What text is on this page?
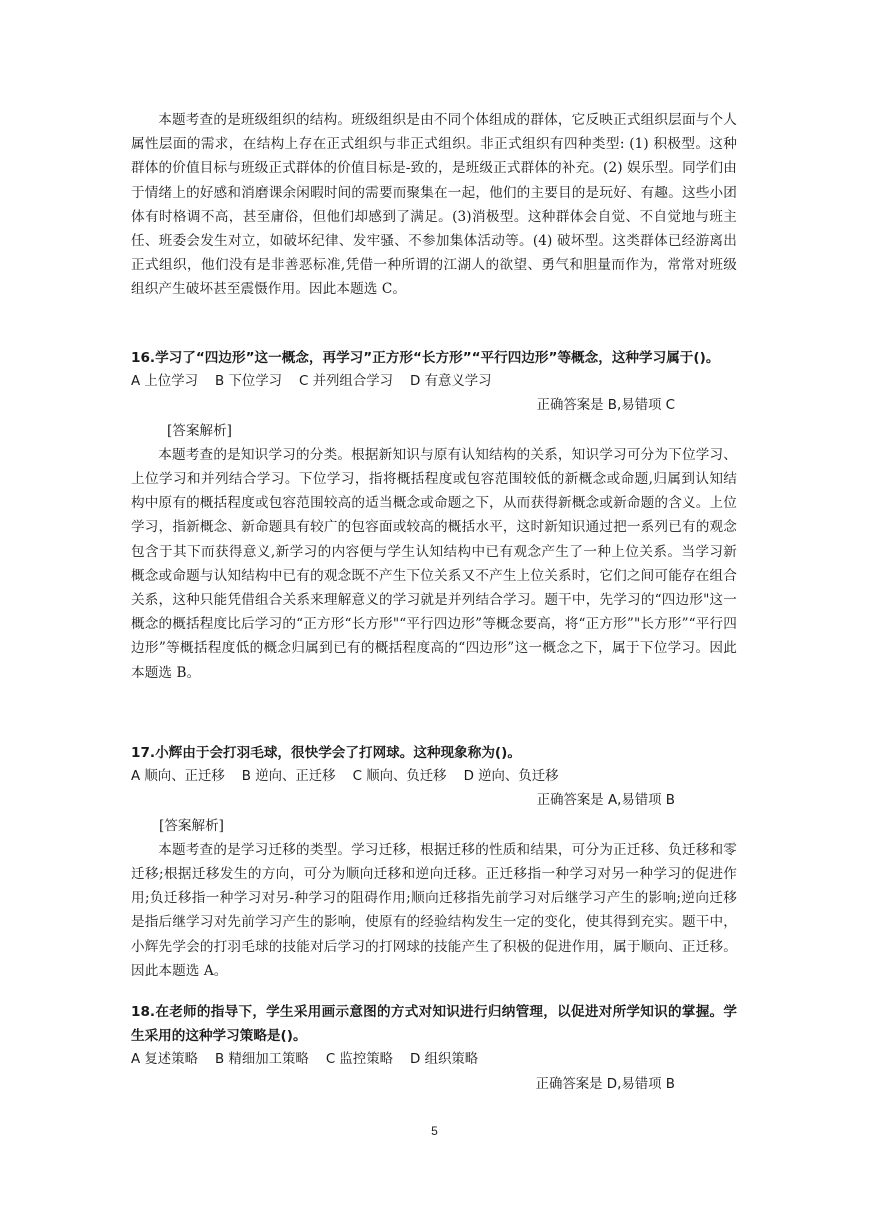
本题考查的是班级组织的结构。班级组织是由不同个体组成的群体，它反映正式组织层面与个人属性层面的需求，在结构上存在正式组织与非正式组织。非正式组织有四种类型: (1) 积极型。这种群体的价值目标与班级正式群体的价值目标是-致的，是班级正式群体的补充。(2) 娱乐型。同学们由于情绪上的好感和消磨课余闲暇时间的需要而聚集在一起，他们的主要目的是玩好、有趣。这些小团体有时格调不高，甚至庸俗，但他们却感到了满足。(3)消极型。这种群体会自觉、不自觉地与班主任、班委会发生对立，如破坏纪律、发牢骚、不参加集体活动等。(4) 破坏型。这类群体已经游离出正式组织，他们没有是非善恶标准,凭借一种所谓的江湖人的欲望、勇气和胆量而作为，常常对班级组织产生破坏甚至震慑作用。因此本题选 C。

16.学习了“四边形”这一概念，再学习”正方形“长方形”“平行四边形”等概念，这种学习属于()。

A 上位学习    B 下位学习    C 并列组合学习    D 有意义学习

正确答案是 B,易错项 C

[答案解析]

本题考查的是知识学习的分类。根据新知识与原有认知结构的关系，知识学习可分为下位学习、上位学习和并列结合学习。下位学习，指将概括程度或包容范围较低的新概念或命题,归属到认知结构中原有的概括程度或包容范围较高的适当概念或命题之下，从而获得新概念或新命题的含义。上位学习，指新概念、新命题具有较广的包容面或较高的概括水平，这时新知识通过把一系列已有的观念包含于其下而获得意义,新学习的内容便与学生认知结构中已有观念产生了一种上位关系。当学习新概念或命题与认知结构中已有的观念既不产生下位关系又不产生上位关系时，它们之间可能存在组合关系，这种只能凭借组合关系来理解意义的学习就是并列结合学习。题干中，先学习的“四边形"这一概念的概括程度比后学习的“正方形“长方形"“平行四边形”等概念要高，将“正方形”"长方形”“平行四边形”等概括程度低的概念归属到已有的概括程度高的“四边形”这一概念之下，属于下位学习。因此本题选 B。

17.小辉由于会打羽毛球，很快学会了打网球。这种现象称为()。

A 顺向、正迁移    B 逆向、正迁移    C 顺向、负迁移    D 逆向、负迁移

正确答案是 A,易错项 B

[答案解析]

本题考查的是学习迁移的类型。学习迁移，根据迁移的性质和结果，可分为正迁移、负迁移和零迁移;根据迁移发生的方向，可分为顺向迁移和逆向迁移。正迁移指一种学习对另一种学习的促进作用;负迁移指一种学习对另-种学习的阻碍作用;顺向迁移指先前学习对后继学习产生的影响;逆向迁移是指后继学习对先前学习产生的影响，使原有的经验结构发生一定的变化，使其得到充实。题干中，小辉先学会的打羽毛球的技能对后学习的打网球的技能产生了积极的促进作用，属于顺向、正迁移。因此本题选 A。

18.在老师的指导下，学生采用画示意图的方式对知识进行归纳管理，以促进对所学知识的掌握。学生采用的这种学习策略是()。

A 复述策略    B 精细加工策略    C 监控策略    D 组织策略

正确答案是 D,易错项 B

5
